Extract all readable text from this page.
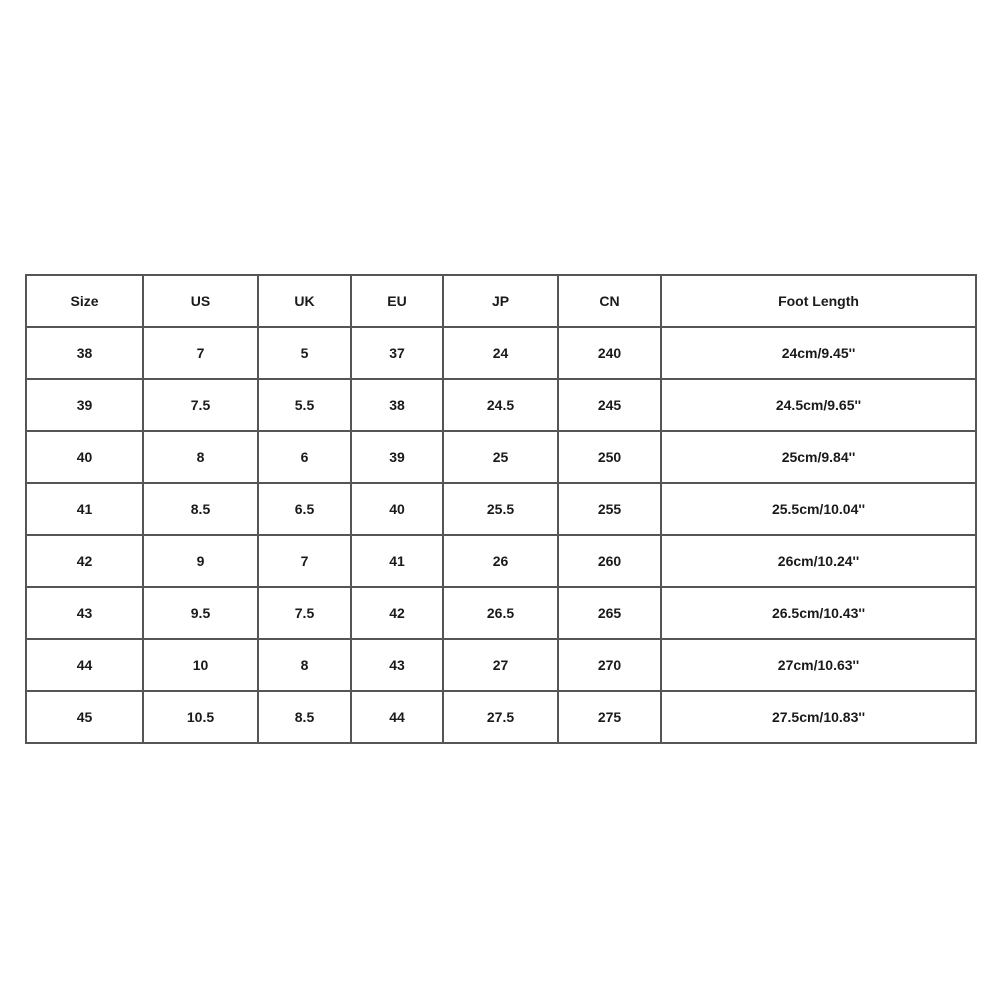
Size	US	UK	EU	JP	CN	Foot Length
38	7	5	37	24	240	24cm/9.45''
39	7.5	5.5	38	24.5	245	24.5cm/9.65''
40	8	6	39	25	250	25cm/9.84''
41	8.5	6.5	40	25.5	255	25.5cm/10.04''
42	9	7	41	26	260	26cm/10.24''
43	9.5	7.5	42	26.5	265	26.5cm/10.43''
44	10	8	43	27	270	27cm/10.63''
45	10.5	8.5	44	27.5	275	27.5cm/10.83''
